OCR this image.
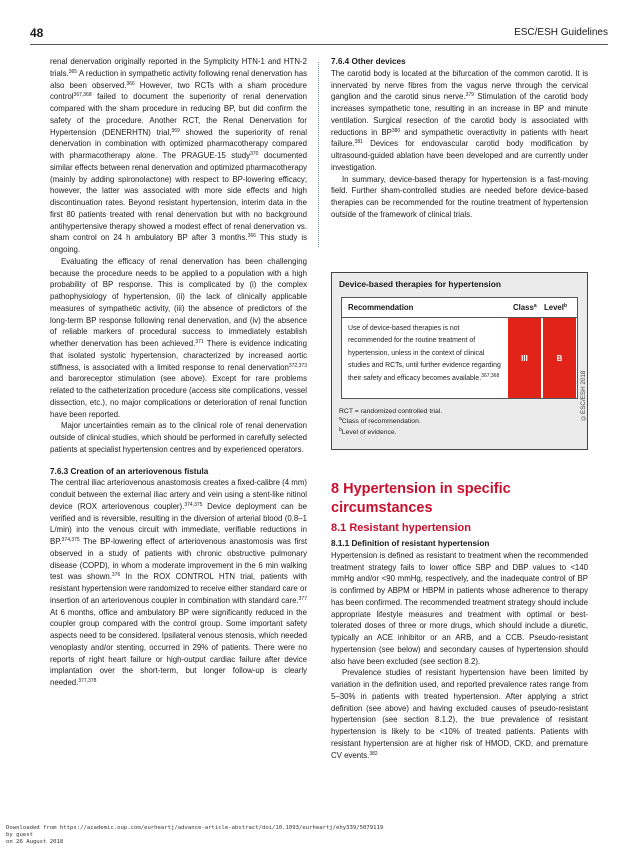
48	ESC/ESH Guidelines

renal denervation originally reported in the Symplicity HTN-1 and HTN-2 trials.$^{365}$ A reduction in sympathetic activity following renal denervation has also been observed.$^{366}$ However, two RCTs with a sham procedure control$^{367,368}$ failed to document the superiority of renal denervation compared with the sham procedure in reducing BP, but did confirm the safety of the procedure. Another RCT, the Renal Denervation for Hypertension (DENERHTN) trial,$^{369}$ showed the superiority of renal denervation in combination with optimized pharmacotherapy compared with pharmacotherapy alone. The PRAGUE-15 study$^{370}$ documented similar effects between renal denervation and optimized pharmacotherapy (mainly by adding spironolactone) with respect to BP-lowering efficacy; however, the latter was associated with more side effects and high discontinuation rates. Beyond resistant hypertension, interim data in the first 80 patients treated with renal denervation but with no background antihypertensive therapy showed a modest effect of renal denervation vs. sham control on 24 h ambulatory BP after 3 months.$^{366}$ This study is ongoing.

Evaluating the efficacy of renal denervation has been challenging because the procedure needs to be applied to a population with a high probability of BP response. This is complicated by (i) the complex pathophysiology of hypertension, (ii) the lack of clinically applicable measures of sympathetic activity, (iii) the absence of predictors of the long-term BP response following renal denervation, and (iv) the absence of reliable markers of procedural success to immediately establish whether denervation has been achieved.$^{371}$ There is evidence indicating that isolated systolic hypertension, characterized by increased aortic stiffness, is associated with a limited response to renal denervation$^{372,373}$ and baroreceptor stimulation (see above). Except for rare problems related to the catheterization procedure (access site complications, vessel dissection, etc.), no major complications or deterioration of renal function have been reported.

Major uncertainties remain as to the clinical role of renal denervation outside of clinical studies, which should be performed in carefully selected patients at specialist hypertension centres and by experienced operators.

7.6.3 Creation of an arteriovenous fistula

The central iliac arteriovenous anastomosis creates a fixed-calibre (4 mm) conduit between the external iliac artery and vein using a stent-like nitinol device (ROX arteriovenous coupler).$^{374,375}$ Device deployment can be verified and is reversible, resulting in the diversion of arterial blood (0.8–1 L/min) into the venous circuit with immediate, verifiable reductions in BP.$^{374,375}$ The BP-lowering effect of arteriovenous anastomosis was first observed in a study of patients with chronic obstructive pulmonary disease (COPD), in whom a moderate improvement in the 6 min walking test was shown.$^{376}$ In the ROX CONTROL HTN trial, patients with resistant hypertension were randomized to receive either standard care or insertion of an arteriovenous coupler in combination with standard care.$^{377}$ At 6 months, office and ambulatory BP were significantly reduced in the coupler group compared with the control group. Some important safety aspects need to be considered. Ipsilateral venous stenosis, which needed venoplasty and/or stenting, occurred in 29% of patients. There were no reports of right heart failure or high-output cardiac failure after device implantation over the short-term, but longer follow-up is clearly needed.$^{377,378}$

7.6.4 Other devices

The carotid body is located at the bifurcation of the common carotid. It is innervated by nerve fibres from the vagus nerve through the cervical ganglion and the carotid sinus nerve.$^{379}$ Stimulation of the carotid body increases sympathetic tone, resulting in an increase in BP and minute ventilation. Surgical resection of the carotid body is associated with reductions in BP$^{380}$ and sympathetic overactivity in patients with heart failure.$^{381}$ Devices for endovascular carotid body modification by ultrasound-guided ablation have been developed and are currently under investigation.

In summary, device-based therapy for hypertension is a fast-moving field. Further sham-controlled studies are needed before device-based therapies can be recommended for the routine treatment of hypertension outside of the framework of clinical trials.

Device-based therapies for hypertension
Recommendation	Class$^a$ Level$^b$
Use of device-based therapies is not recommended for the routine treatment of hypertension, unless in the context of clinical studies and RCTs, until further evidence regarding their safety and efficacy becomes available.$^{367,368}$
III	B
©ESC/ESH 2018
RCT = randomized controlled trial.
$^a$Class of recommendation.
$^b$Level of evidence.
8 Hypertension in specific circumstances
8.1 Resistant hypertension
8.1.1 Definition of resistant hypertension

Hypertension is defined as resistant to treatment when the recommended treatment strategy fails to lower office SBP and DBP values to <140 mmHg and/or <90 mmHg, respectively, and the inadequate control of BP is confirmed by ABPM or HBPM in patients whose adherence to therapy has been confirmed. The recommended treatment strategy should include appropriate lifestyle measures and treatment with optimal or best-tolerated doses of three or more drugs, which should include a diuretic, typically an ACE inhibitor or an ARB, and a CCB. Pseudo-resistant hypertension (see below) and secondary causes of hypertension should also have been excluded (see section 8.2).

Prevalence studies of resistant hypertension have been limited by variation in the definition used, and reported prevalence rates range from 5–30% in patients with treated hypertension. After applying a strict definition (see above) and having excluded causes of pseudo-resistant hypertension (see section 8.1.2), the true prevalence of resistant hypertension is likely to be <10% of treated patients. Patients with resistant hypertension are at higher risk of HMOD, CKD, and premature CV events.$^{382}$

Downloaded from https://academic.oup.com/eurheartj/advance-article-abstract/doi/10.1093/eurheartj/ehy339/5079119
by guest
on 26 August 2018
